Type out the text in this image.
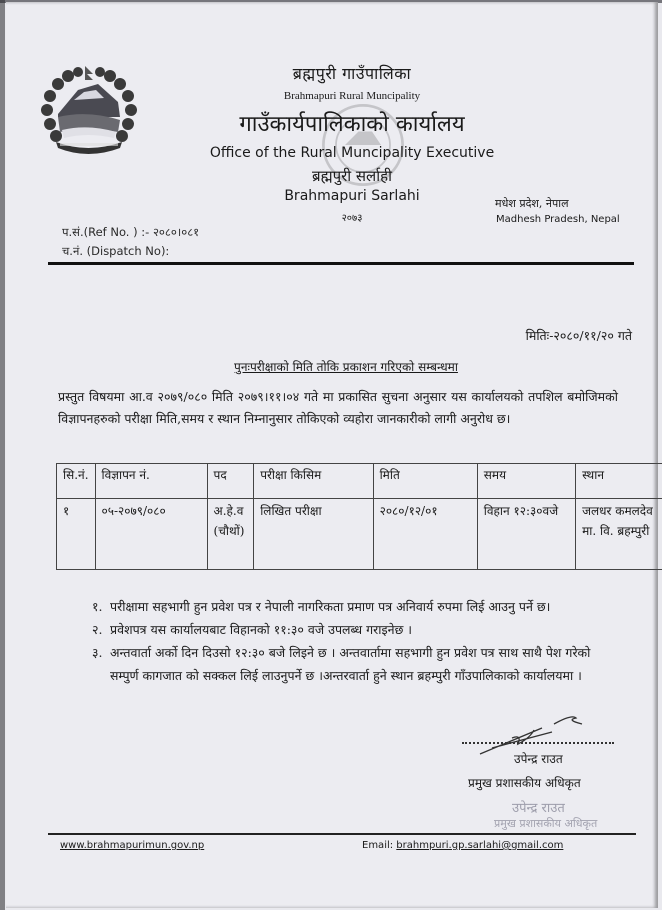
ब्रह्मपुरी गाउँपालिका
Brahmapuri Rural Muncipality
गाउँकार्यपालिकाको कार्यालय
Office of the Rural Muncipality Executive
ब्रह्मपुरी सर्लाही
Brahmapuri Sarlahi
२०७३
मधेश प्रदेश, नेपाल
Madhesh Pradesh, Nepal
प.सं.(Ref No. ) :- २०८०।०८१
च.नं. (Dispatch No):
मितिः-२०८०/११/२० गते
पुनःपरीक्षाको मिति तोकि प्रकाशन गरिएको सम्बन्धमा
प्रस्तुत विषयमा आ.व २०७९/०८० मिति २०७९।११।०४ गते मा प्रकासित सुचना अनुसार यस कार्यालयको तपशिल बमोजिमको विज्ञापनहरुको परीक्षा मिति,समय र स्थान निम्नानुसार तोकिएको व्यहोरा जानकारीको लागी अनुरोध छ।
सि.नं.	विज्ञापन नं.	पद	परीक्षा किसिम	मिति	समय	स्थान
१	०५-२०७९/०८०	अ.हे.व (चौथों)	लिखित परीक्षा	२०८०/१२/०१	विहान १२:३०वजे	जलधर कमलदेव मा. वि. ब्रहम्पुरी
१. परीक्षामा सहभागी हुन प्रवेश पत्र र नेपाली नागरिकता प्रमाण पत्र अनिवार्य रुपमा लिई आउनु पर्ने छ।
२. प्रवेशपत्र यस कार्यालयबाट विहानको ११:३० वजे उपलब्ध गराइनेछ ।
३. अन्तवार्ता अर्को दिन दिउसो १२:३० बजे लिइने छ । अन्तवार्तामा सहभागी हुन प्रवेश पत्र साथ साथै पेश गरेको सम्पुर्ण कागजात को सक्कल लिई लाउनुपर्ने छ ।अन्तरवार्ता हुने स्थान ब्रहम्पुरी गाँउपालिकाको कार्यालयमा ।
उपेन्द्र राउत
प्रमुख प्रशासकीय अधिकृत
उपेन्द्र राउत
प्रमुख प्रशासकीय अधिकृत
www.brahmapurimun.gov.np	Email: brahmpuri.gp.sarlahi@gmail.com
